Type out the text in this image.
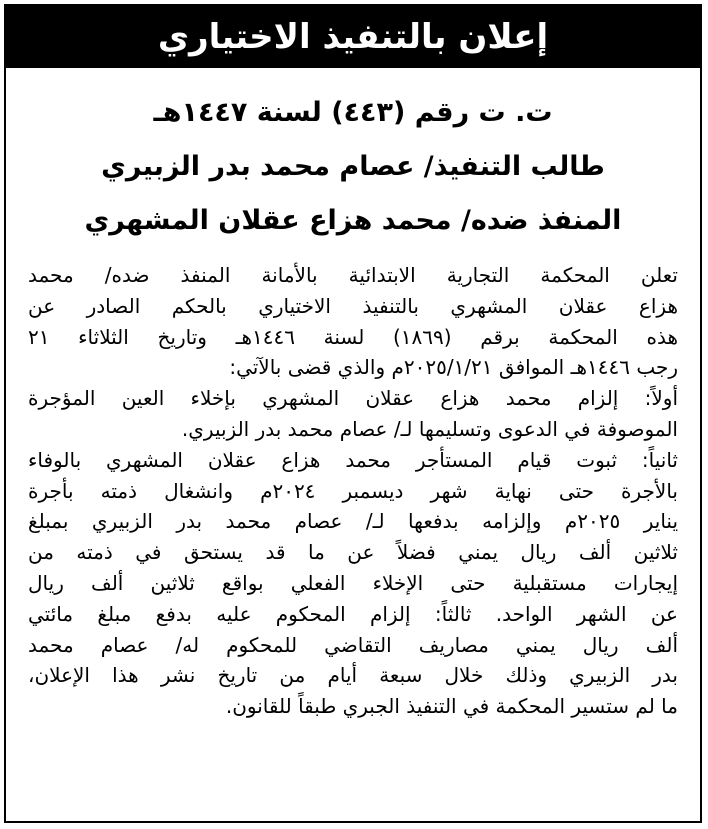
إعلان بالتنفيذ الاختياري
ت. ت رقم (٤٤٣) لسنة ١٤٤٧هـ
طالب التنفيذ/ عصام محمد بدر الزبيري
المنفذ ضده/ محمد هزاع عقلان المشهري
تعلن المحكمة التجارية الابتدائية بالأمانة المنفذ ضده/ محمد
هزاع عقلان المشهري بالتنفيذ الاختياري بالحكم الصادر عن
هذه المحكمة برقم (١٨٦٩) لسنة ١٤٤٦هـ وتاريخ الثلاثاء ٢١
رجب ١٤٤٦هـ الموافق ٢٠٢٥/١/٢١م والذي قضى بالآتي:
أولاً: إلزام محمد هزاع عقلان المشهري بإخلاء العين المؤجرة
الموصوفة في الدعوى وتسليمها لـ/ عصام محمد بدر الزبيري.
ثانياً: ثبوت قيام المستأجر محمد هزاع عقلان المشهري بالوفاء
بالأجرة حتى نهاية شهر ديسمبر ٢٠٢٤م وانشغال ذمته بأجرة
يناير ٢٠٢٥م وإلزامه بدفعها لـ/ عصام محمد بدر الزبيري بمبلغ
ثلاثين ألف ريال يمني فضلاً عن ما قد يستحق في ذمته من
إيجارات مستقبلية حتى الإخلاء الفعلي بواقع ثلاثين ألف ريال
عن الشهر الواحد. ثالثاً: إلزام المحكوم عليه بدفع مبلغ مائتي
ألف ريال يمني مصاريف التقاضي للمحكوم له/ عصام محمد
بدر الزبيري وذلك خلال سبعة أيام من تاريخ نشر هذا الإعلان،
ما لم ستسير المحكمة في التنفيذ الجبري طبقاً للقانون.
